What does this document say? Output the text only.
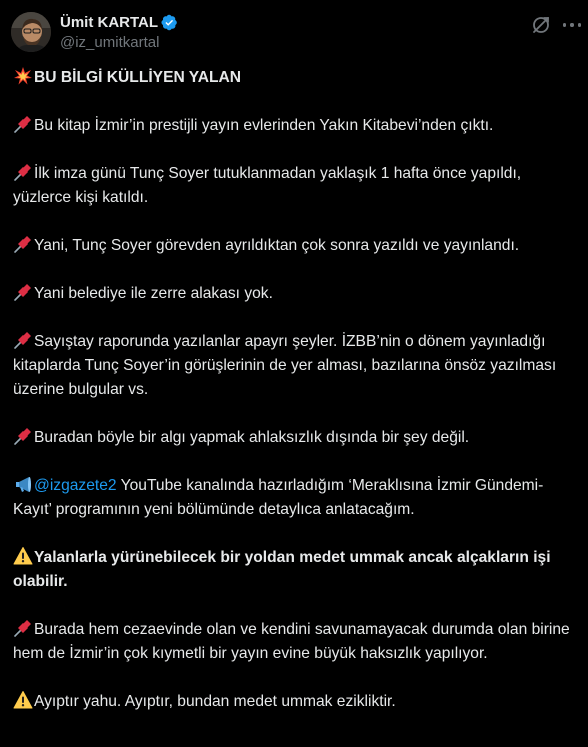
Ümit KARTAL
@iz_umitkartal

BU BİLGİ KÜLLİYEN YALAN

Bu kitap İzmir’in prestijli yayın evlerinden Yakın Kitabevi’nden çıktı.

İlk imza günü Tunç Soyer tutuklanmadan yaklaşık 1 hafta önce yapıldı, yüzlerce kişi katıldı.

Yani, Tunç Soyer görevden ayrıldıktan çok sonra yazıldı ve yayınlandı.

Yani belediye ile zerre alakası yok.

Sayıştay raporunda yazılanlar apayrı şeyler. İZBB’nin o dönem yayınladığı kitaplarda Tunç Soyer’in görüşlerinin de yer alması, bazılarına önsöz yazılması üzerine bulgular vs.

Buradan böyle bir algı yapmak ahlaksızlık dışında bir şey değil.

@izgazete2 YouTube kanalında hazırladığım ‘Meraklısına İzmir Gündemi-Kayıt’ programının yeni bölümünde detaylıca anlatacağım.

Yalanlarla yürünebilecek bir yoldan medet ummak ancak alçakların işi olabilir.

Burada hem cezaevinde olan ve kendini savunamayacak durumda olan birine hem de İzmir’in çok kıymetli bir yayın evine büyük haksızlık yapılıyor.

Ayıptır yahu. Ayıptır, bundan medet ummak ezikliktir.
